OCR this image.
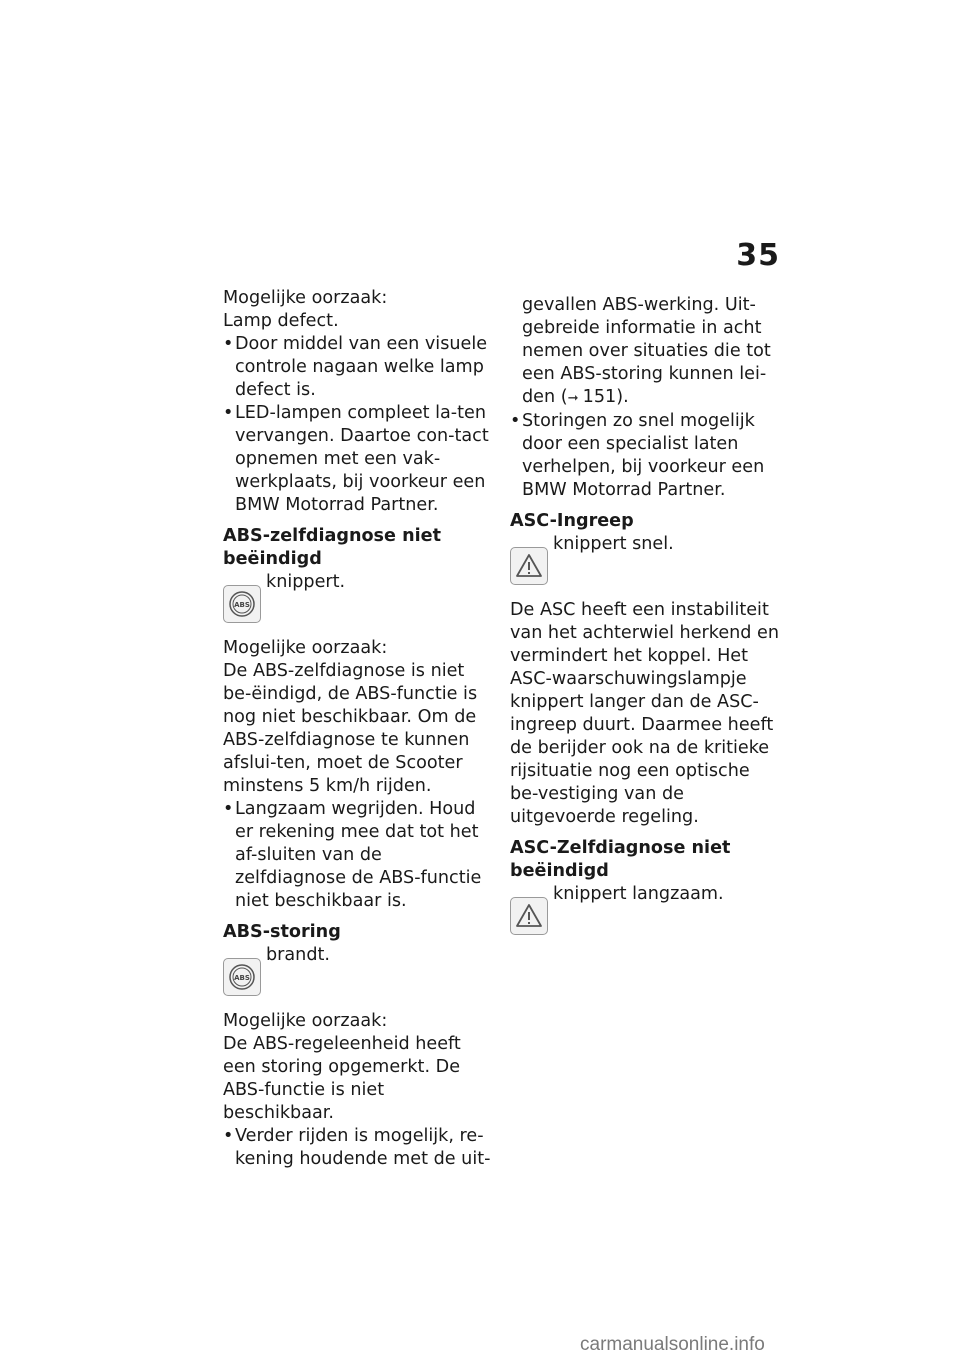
35

Mogelijke oorzaak:

Lamp defect.

• Door middel van een visuele controle nagaan welke lamp defect is.

• LED-lampen compleet la-ten vervangen. Daartoe con-tact opnemen met een vak-werkplaats, bij voorkeur een BMW Motorrad Partner.

ABS-zelfdiagnose niet beëindigd

ABS
knippert.

Mogelijke oorzaak:

De ABS-zelfdiagnose is niet be-ëindigd, de ABS-functie is nog niet beschikbaar. Om de ABS-zelfdiagnose te kunnen afslui-ten, moet de Scooter minstens 5 km/h rijden.

• Langzaam wegrijden. Houd er rekening mee dat tot het af-sluiten van de zelfdiagnose de ABS-functie niet beschikbaar is.

ABS-storing

ABS
brandt.

Mogelijke oorzaak:

De ABS-regeleenheid heeft een storing opgemerkt. De ABS-functie is niet beschikbaar.

• Verder rijden is mogelijk, re-kening houdende met de uit-

gevallen ABS-werking. Uit-gebreide informatie in acht nemen over situaties die tot een ABS-storing kunnen lei-den (➞ 151).

• Storingen zo snel mogelijk door een specialist laten verhelpen, bij voorkeur een BMW Motorrad Partner.

ASC-Ingreep

knippert snel.

De ASC heeft een instabiliteit van het achterwiel herkend en vermindert het koppel. Het ASC-waarschuwingslampje knippert langer dan de ASC-ingreep duurt. Daarmee heeft de berijder ook na de kritieke rijsituatie nog een optische be-vestiging van de uitgevoerde regeling.

ASC-Zelfdiagnose niet beëindigd

knippert langzaam.
carmanualsonline.info
